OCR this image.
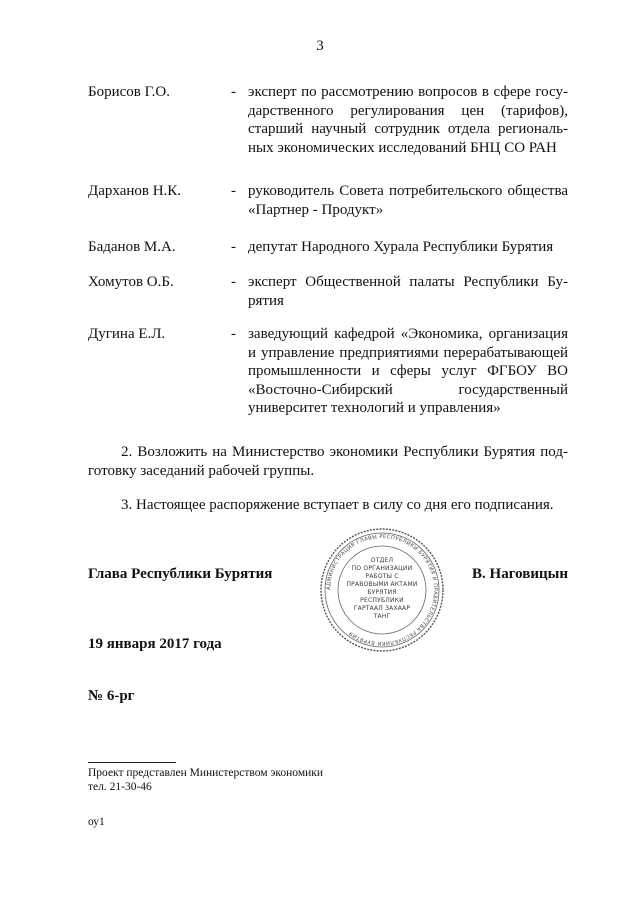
3
Борисов Г.О.	- эксперт по рассмотрению вопросов в сфере государственного регулирования цен (тарифов), старший научный сотрудник отдела региональных экономических исследований БНЦ СО РАН
Дарханов Н.К.	- руководитель Совета потребительского общества «Партнер - Продукт»
Баданов М.А.	- депутат Народного Хурала Республики Бурятия
Хомутов О.Б.	- эксперт Общественной палаты Республики Бурятия
Дугина Е.Л.	- заведующий кафедрой «Экономика, организация и управление предприятиями перерабатывающей промышленности и сферы услуг ФГБОУ ВО «Восточно-Сибирский государственный университет технологий и управления»
2. Возложить на Министерство экономики Республики Бурятия подготовку заседаний рабочей группы.
3. Настоящее распоряжение вступает в силу со дня его подписания.
Глава Республики Бурятия
АДМИНИСТРАЦИЯ ГЛАВЫ РЕСПУБЛИКИ БУРЯТИЯ И ПРАВИТЕЛЬСТВА РЕСПУБЛИКИ БУРЯТИЯ
ОТДЕЛ
ПО ОРГАНИЗАЦИИ
РАБОТЫ С
ПРАВОВЫМИ АКТАМИ
БУРЯТИЯ
РЕСПУБЛИКИ
ГАРТААЛ ЗАХААР
ТАНГ
В. Наговицын
19 января 2017 года
№ 6-рг
Проект представлен Министерством экономики
тел. 21-30-46
оу1
